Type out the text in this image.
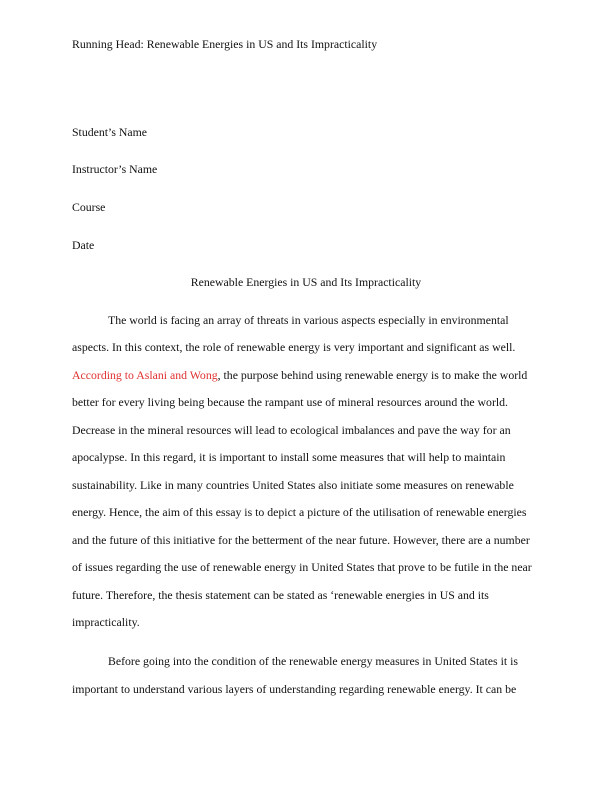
Running Head: Renewable Energies in US and Its Impracticality
Student’s Name
Instructor’s Name
Course
Date
Renewable Energies in US and Its Impracticality
The world is facing an array of threats in various aspects especially in environmental
aspects. In this context, the role of renewable energy is very important and significant as well.
According to Aslani and Wong, the purpose behind using renewable energy is to make the world
better for every living being because the rampant use of mineral resources around the world.
Decrease in the mineral resources will lead to ecological imbalances and pave the way for an
apocalypse. In this regard, it is important to install some measures that will help to maintain
sustainability. Like in many countries United States also initiate some measures on renewable
energy. Hence, the aim of this essay is to depict a picture of the utilisation of renewable energies
and the future of this initiative for the betterment of the near future. However, there are a number
of issues regarding the use of renewable energy in United States that prove to be futile in the near
future. Therefore, the thesis statement can be stated as ‘renewable energies in US and its
impracticality.
Before going into the condition of the renewable energy measures in United States it is
important to understand various layers of understanding regarding renewable energy. It can be
